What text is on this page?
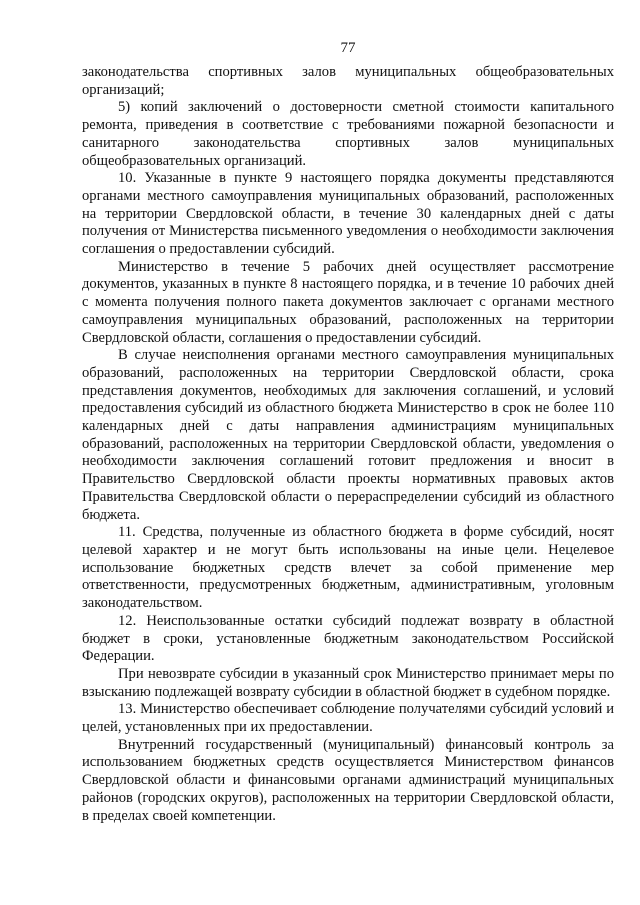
77

законодательства спортивных залов муниципальных общеобразовательных организаций;

5) копий заключений о достоверности сметной стоимости капитального ремонта, приведения в соответствие с требованиями пожарной безопасности и санитарного законодательства спортивных залов муниципальных общеобразовательных организаций.

10. Указанные в пункте 9 настоящего порядка документы представляются органами местного самоуправления муниципальных образований, расположенных на территории Свердловской области, в течение 30 календарных дней с даты получения от Министерства письменного уведомления о необходимости заключения соглашения о предоставлении субсидий.

Министерство в течение 5 рабочих дней осуществляет рассмотрение документов, указанных в пункте 8 настоящего порядка, и в течение 10 рабочих дней с момента получения полного пакета документов заключает с органами местного самоуправления муниципальных образований, расположенных на территории Свердловской области, соглашения о предоставлении субсидий.

В случае неисполнения органами местного самоуправления муниципальных образований, расположенных на территории Свердловской области, срока представления документов, необходимых для заключения соглашений, и условий предоставления субсидий из областного бюджета Министерство в срок не более 110 календарных дней с даты направления администрациям муниципальных образований, расположенных на территории Свердловской области, уведомления о необходимости заключения соглашений готовит предложения и вносит в Правительство Свердловской области проекты нормативных правовых актов Правительства Свердловской области о перераспределении субсидий из областного бюджета.

11. Средства, полученные из областного бюджета в форме субсидий, носят целевой характер и не могут быть использованы на иные цели. Нецелевое использование бюджетных средств влечет за собой применение мер ответственности, предусмотренных бюджетным, административным, уголовным законодательством.

12. Неиспользованные остатки субсидий подлежат возврату в областной бюджет в сроки, установленные бюджетным законодательством Российской Федерации.

При невозврате субсидии в указанный срок Министерство принимает меры по взысканию подлежащей возврату субсидии в областной бюджет в судебном порядке.

13. Министерство обеспечивает соблюдение получателями субсидий условий и целей, установленных при их предоставлении.

Внутренний государственный (муниципальный) финансовый контроль за использованием бюджетных средств осуществляется Министерством финансов Свердловской области и финансовыми органами администраций муниципальных районов (городских округов), расположенных на территории Свердловской области, в пределах своей компетенции.
